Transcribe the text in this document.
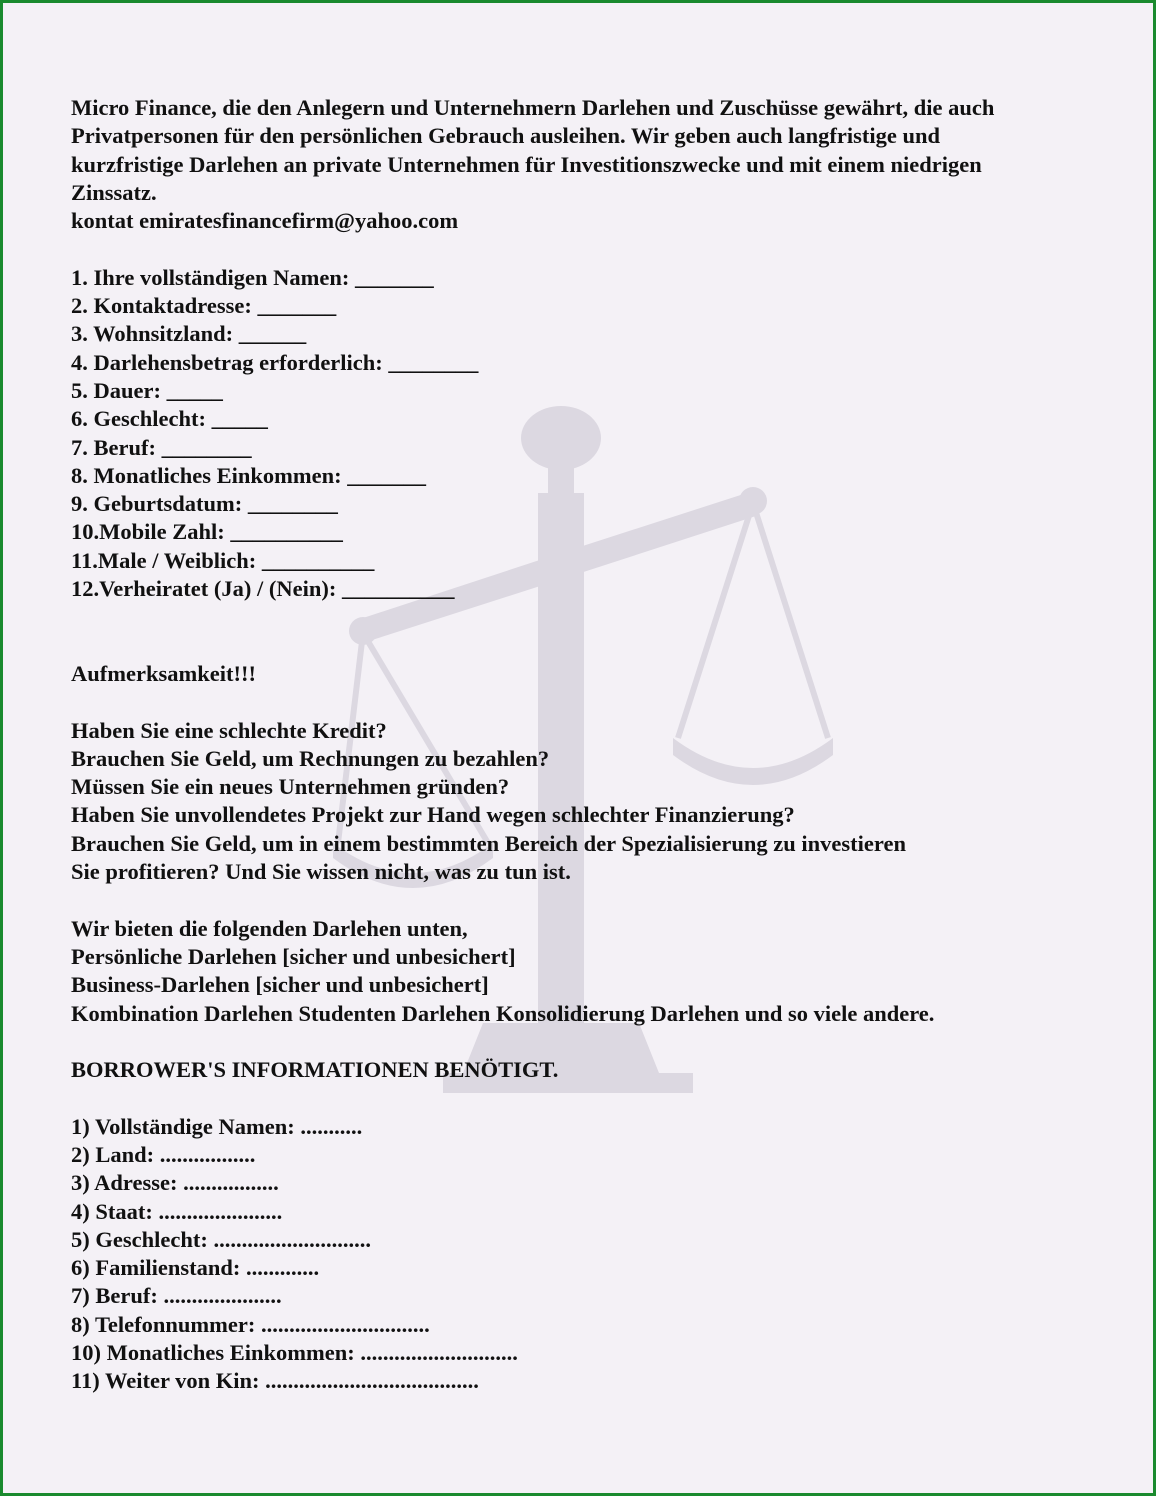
Micro Finance, die den Anlegern und Unternehmern Darlehen und Zuschüsse gewährt, die auch

Privatpersonen für den persönlichen Gebrauch ausleihen. Wir geben auch langfristige und

kurzfristige Darlehen an private Unternehmen für Investitionszwecke und mit einem niedrigen

Zinssatz.

kontat emiratesfinancefirm@yahoo.com

1. Ihre vollständigen Namen: _______

2. Kontaktadresse: _______

3. Wohnsitzland: ______

4. Darlehensbetrag erforderlich: ________

5. Dauer: _____

6. Geschlecht: _____

7. Beruf: ________

8. Monatliches Einkommen: _______

9. Geburtsdatum: ________

10.Mobile Zahl: __________

11.Male / Weiblich: __________

12.Verheiratet (Ja) / (Nein): __________

Aufmerksamkeit!!!

Haben Sie eine schlechte Kredit?

Brauchen Sie Geld, um Rechnungen zu bezahlen?

Müssen Sie ein neues Unternehmen gründen?

Haben Sie unvollendetes Projekt zur Hand wegen schlechter Finanzierung?

Brauchen Sie Geld, um in einem bestimmten Bereich der Spezialisierung zu investieren

Sie profitieren? Und Sie wissen nicht, was zu tun ist.

Wir bieten die folgenden Darlehen unten,

Persönliche Darlehen [sicher und unbesichert]

Business-Darlehen [sicher und unbesichert]

Kombination Darlehen Studenten Darlehen Konsolidierung Darlehen und so viele andere.

BORROWER'S INFORMATIONEN BENÖTIGT.

1) Vollständige Namen: ...........

2) Land: .................

3) Adresse: .................

4) Staat: ......................

5) Geschlecht: ............................

6) Familienstand: .............

7) Beruf: .....................

8) Telefonnummer: ..............................

10) Monatliches Einkommen: ............................

11) Weiter von Kin: ......................................
